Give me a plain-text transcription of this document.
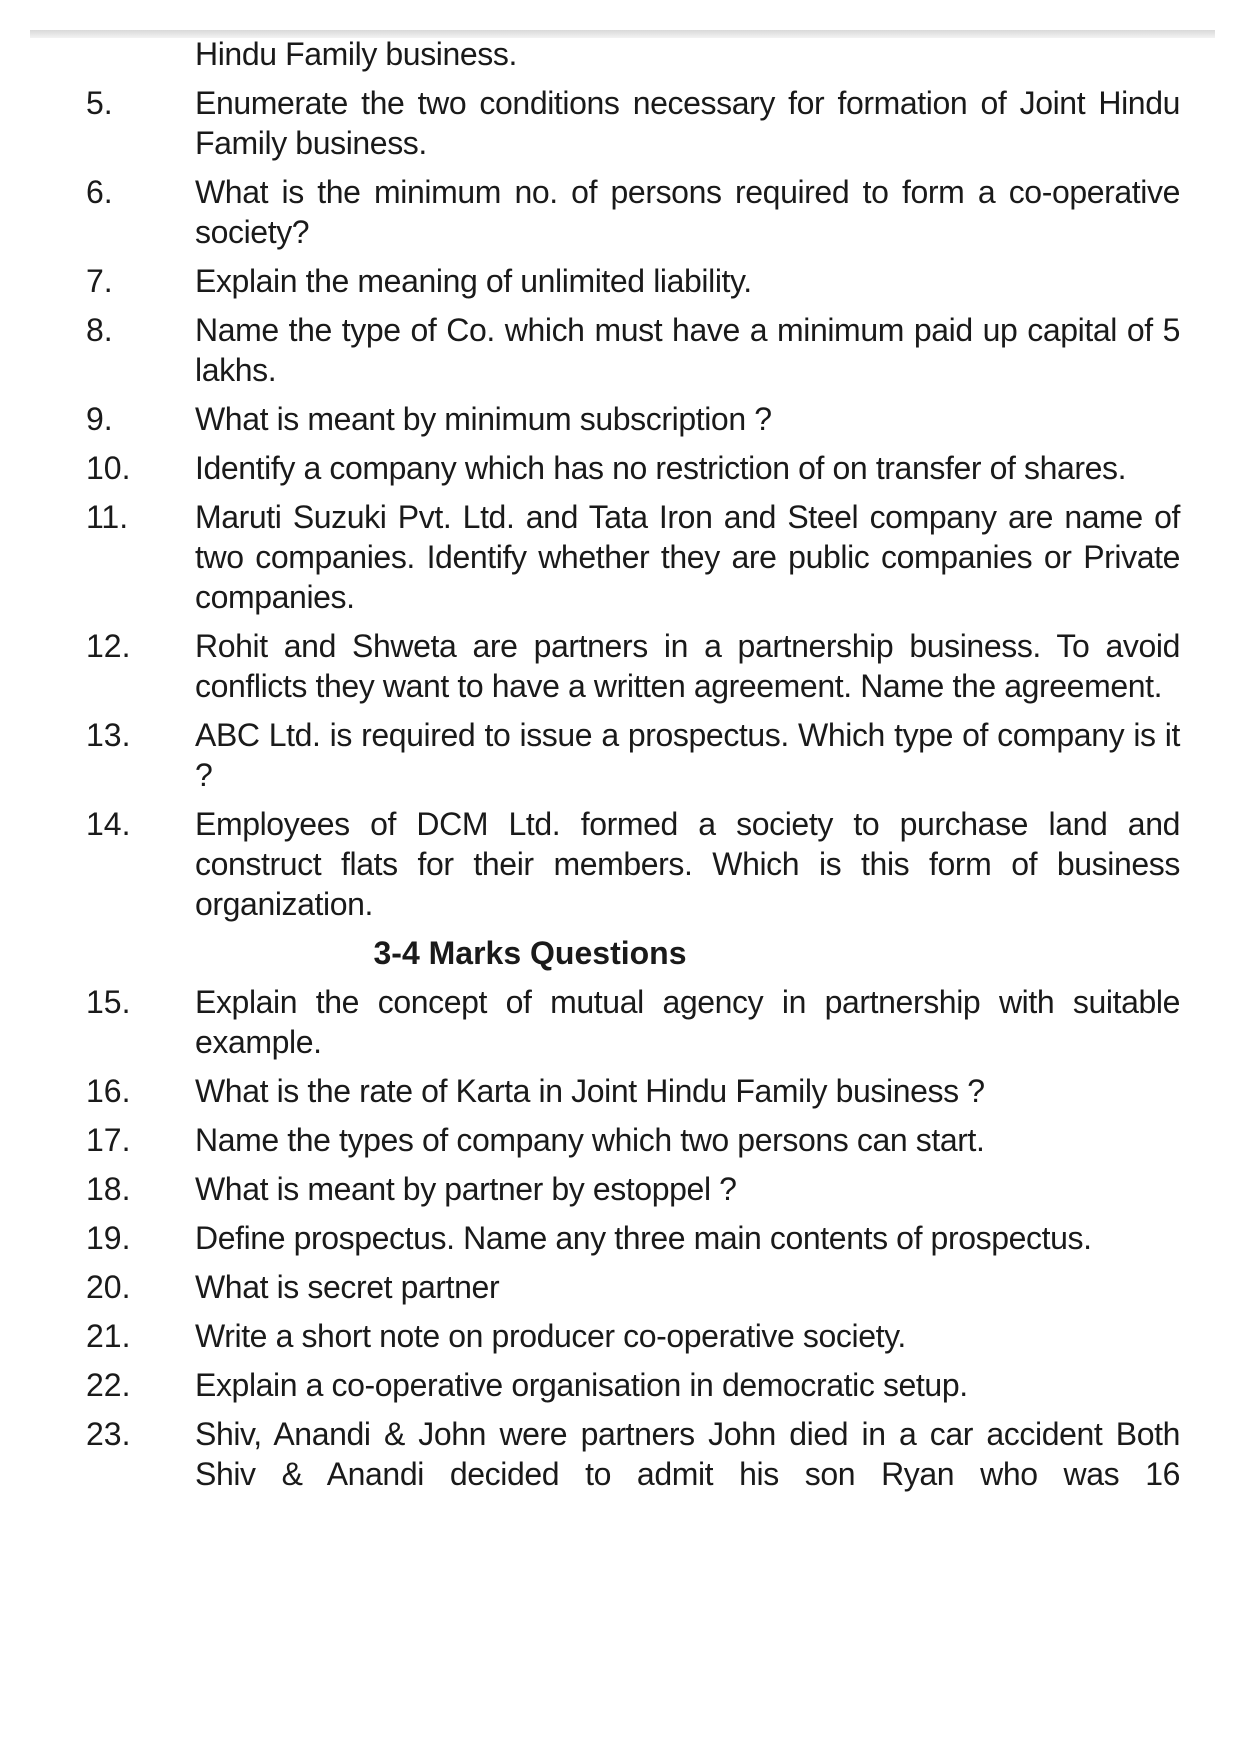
Hindu Family business.
5.	Enumerate the two conditions necessary for formation of Joint Hindu Family business.
6.	What is the minimum no. of persons required to form a co-operative society?
7.	Explain the meaning of unlimited liability.
8.	Name the type of Co. which must have a minimum paid up capital of 5 lakhs.
9.	What is meant by minimum subscription ?
10.	Identify a company which has no restriction of on transfer of shares.
11.	Maruti Suzuki Pvt. Ltd. and Tata Iron and Steel company are name of two companies. Identify whether they are public companies or Private companies.
12.	Rohit and Shweta are partners in a partnership business. To avoid conflicts they want to have a written agreement. Name the agreement.
13.	ABC Ltd. is required to issue a prospectus. Which type of company is it ?
14.	Employees of DCM Ltd. formed a society to purchase land and construct flats for their members. Which is this form of business organization.
3-4 Marks Questions
15.	Explain the concept of mutual agency in partnership with suitable example.
16.	What is the rate of Karta in Joint Hindu Family business ?
17.	Name the types of company which two persons can start.
18.	What is meant by partner by estoppel ?
19.	Define prospectus. Name any three main contents of prospectus.
20.	What is secret partner
21.	Write a short note on producer co-operative society.
22.	Explain a co-operative organisation in democratic setup.
23.	Shiv, Anandi & John were partners John died in a car accident Both Shiv & Anandi decided to admit his son Ryan who was 16
